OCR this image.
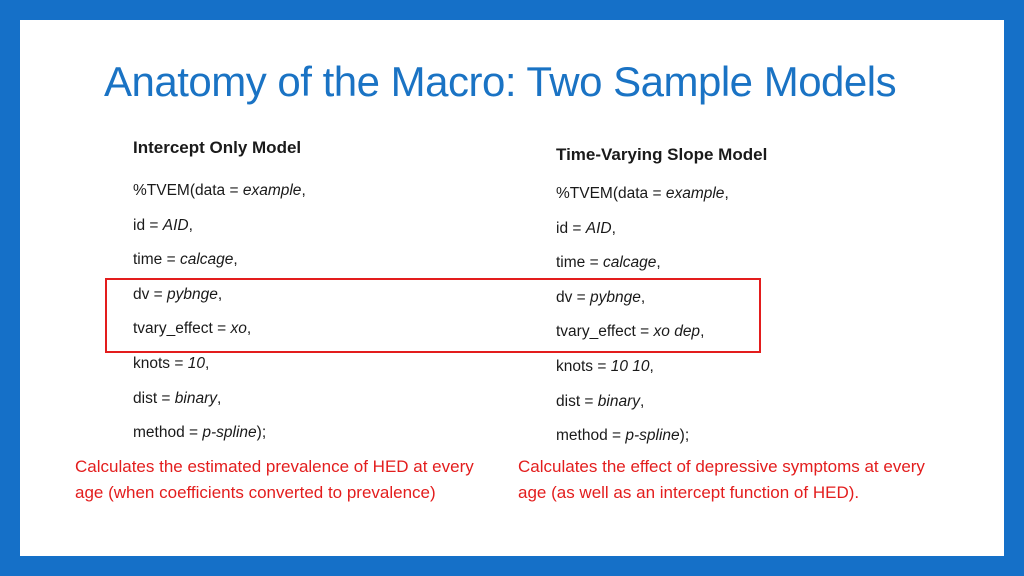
Anatomy of the Macro: Two Sample Models
Intercept Only Model
%TVEM(data = example,
id = AID,
time = calcage,
dv = pybnge,
tvary_effect = xo,
knots = 10,
dist = binary,
method = p-spline);
Calculates the estimated prevalence of HED at every age (when coefficients converted to prevalence)
Time-Varying Slope Model
%TVEM(data = example,
id = AID,
time = calcage,
dv = pybnge,
tvary_effect = xo dep,
knots = 10 10,
dist = binary,
method = p-spline);
Calculates the effect of depressive symptoms at every age (as well as an intercept function of HED).
